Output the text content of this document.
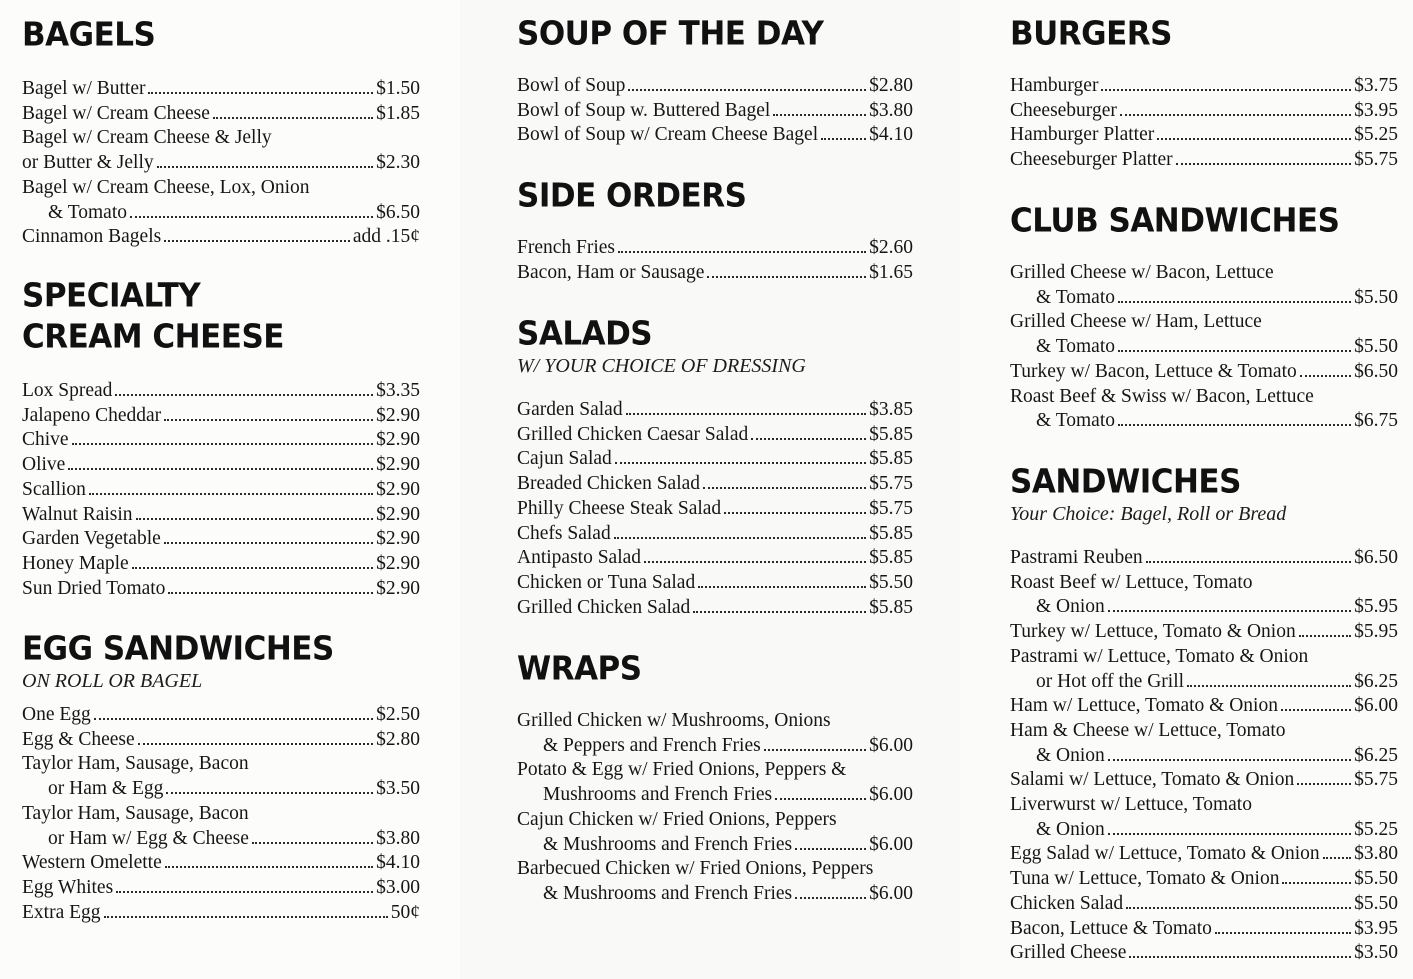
BAGELS
Bagel w/ Butter	$1.50
Bagel w/ Cream Cheese	$1.85
Bagel w/ Cream Cheese & Jelly
or Butter & Jelly	$2.30
Bagel w/ Cream Cheese, Lox, Onion
& Tomato	$6.50
Cinnamon Bagels	add .15¢
SPECIALTY
CREAM CHEESE
Lox Spread	$3.35
Jalapeno Cheddar	$2.90
Chive	$2.90
Olive	$2.90
Scallion	$2.90
Walnut Raisin	$2.90
Garden Vegetable	$2.90
Honey Maple	$2.90
Sun Dried Tomato	$2.90
EGG SANDWICHES

ON ROLL OR BAGEL

One Egg	$2.50
Egg & Cheese	$2.80
Taylor Ham, Sausage, Bacon
or Ham & Egg	$3.50
Taylor Ham, Sausage, Bacon
or Ham w/ Egg & Cheese	$3.80
Western Omelette	$4.10
Egg Whites	$3.00
Extra Egg	50¢
SOUP OF THE DAY
Bowl of Soup	$2.80
Bowl of Soup w. Buttered Bagel	$3.80
Bowl of Soup w/ Cream Cheese Bagel	$4.10
SIDE ORDERS
French Fries	$2.60
Bacon, Ham or Sausage	$1.65
SALADS

W/ YOUR CHOICE OF DRESSING

Garden Salad	$3.85
Grilled Chicken Caesar Salad	$5.85
Cajun Salad	$5.85
Breaded Chicken Salad	$5.75
Philly Cheese Steak Salad	$5.75
Chefs Salad	$5.85
Antipasto Salad	$5.85
Chicken or Tuna Salad	$5.50
Grilled Chicken Salad	$5.85
WRAPS
Grilled Chicken w/ Mushrooms, Onions
& Peppers and French Fries	$6.00
Potato & Egg w/ Fried Onions, Peppers &
Mushrooms and French Fries	$6.00
Cajun Chicken w/ Fried Onions, Peppers
& Mushrooms and French Fries	$6.00
Barbecued Chicken w/ Fried Onions, Peppers
& Mushrooms and French Fries	$6.00
BURGERS
Hamburger	$3.75
Cheeseburger	$3.95
Hamburger Platter	$5.25
Cheeseburger Platter	$5.75
CLUB SANDWICHES
Grilled Cheese w/ Bacon, Lettuce
& Tomato	$5.50
Grilled Cheese w/ Ham, Lettuce
& Tomato	$5.50
Turkey w/ Bacon, Lettuce & Tomato	$6.50
Roast Beef & Swiss w/ Bacon, Lettuce
& Tomato	$6.75
SANDWICHES

Your Choice: Bagel, Roll or Bread

Pastrami Reuben	$6.50
Roast Beef w/ Lettuce, Tomato
& Onion	$5.95
Turkey w/ Lettuce, Tomato & Onion	$5.95
Pastrami w/ Lettuce, Tomato & Onion
or Hot off the Grill	$6.25
Ham w/ Lettuce, Tomato & Onion	$6.00
Ham & Cheese w/ Lettuce, Tomato
& Onion	$6.25
Salami w/ Lettuce, Tomato & Onion	$5.75
Liverwurst w/ Lettuce, Tomato
& Onion	$5.25
Egg Salad w/ Lettuce, Tomato & Onion $3.80
Tuna w/ Lettuce, Tomato & Onion	$5.50
Chicken Salad	$5.50
Bacon, Lettuce & Tomato	$3.95
Grilled Cheese	$3.50
